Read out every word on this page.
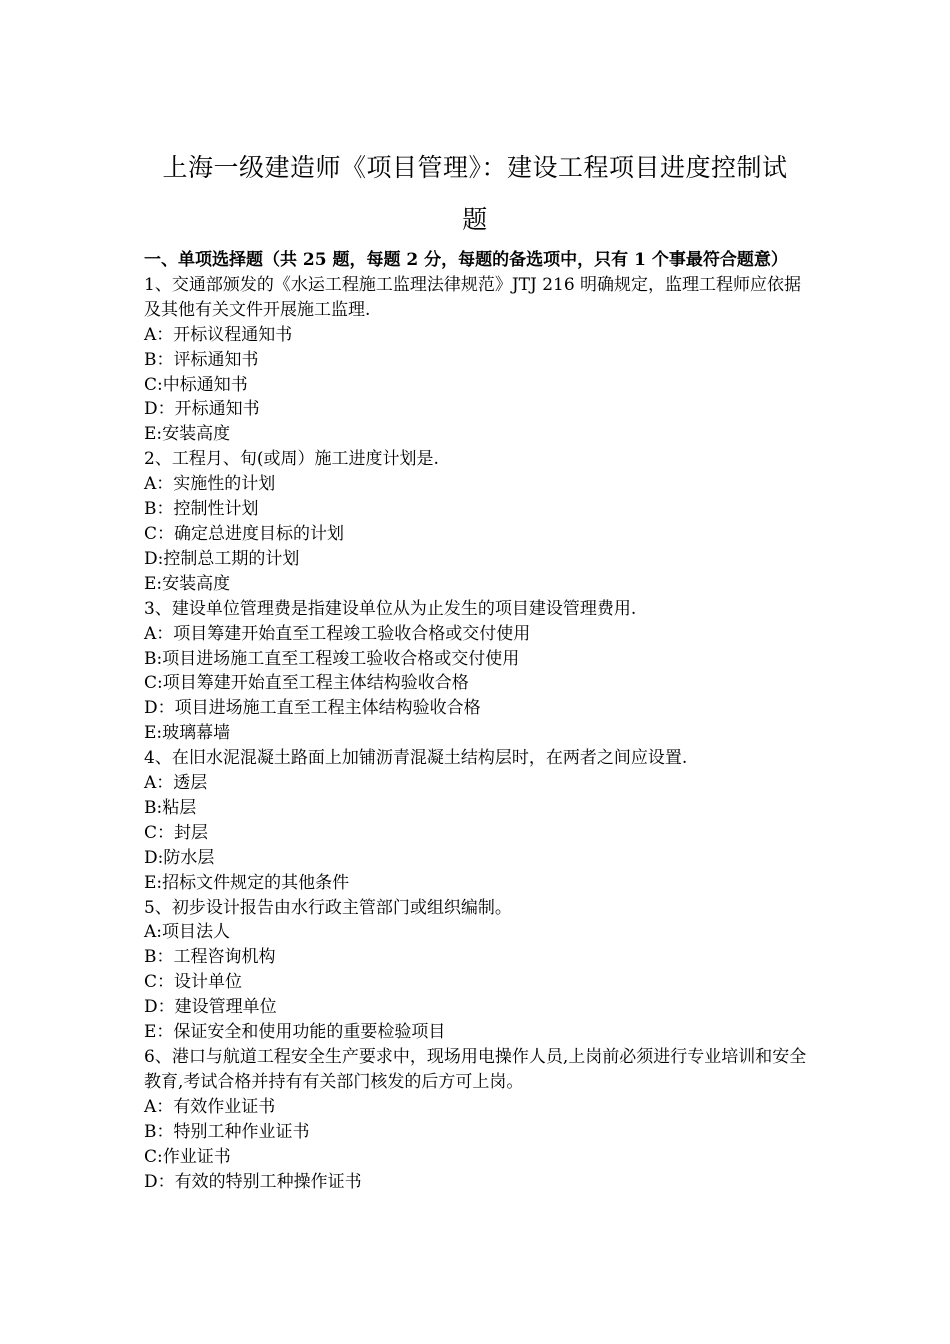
上海一级建造师《项目管理》：建设工程项目进度控制试
题
一、单项选择题（共 25 题，每题 2 分，每题的备选项中，只有 1 个事最符合题意）
1、交通部颁发的《水运工程施工监理法律规范》JTJ 216 明确规定，监理工程师应依据及其他有关文件开展施工监理.
A：开标议程通知书
B：评标通知书
C:中标通知书
D：开标通知书
E:安装高度
2、工程月、旬(或周）施工进度计划是.
A：实施性的计划
B：控制性计划
C：确定总进度目标的计划
D:控制总工期的计划
E:安装高度
3、建设单位管理费是指建设单位从为止发生的项目建设管理费用.
A：项目筹建开始直至工程竣工验收合格或交付使用
B:项目进场施工直至工程竣工验收合格或交付使用
C:项目筹建开始直至工程主体结构验收合格
D：项目进场施工直至工程主体结构验收合格
E:玻璃幕墙
4、在旧水泥混凝土路面上加铺沥青混凝土结构层时，在两者之间应设置.
A：透层
B:粘层
C：封层
D:防水层
E:招标文件规定的其他条件
5、初步设计报告由水行政主管部门或组织编制。
A:项目法人
B：工程咨询机构
C：设计单位
D：建设管理单位
E：保证安全和使用功能的重要检验项目
6、港口与航道工程安全生产要求中，现场用电操作人员,上岗前必须进行专业培训和安全教育,考试合格并持有有关部门核发的后方可上岗。
A：有效作业证书
B：特别工种作业证书
C:作业证书
D：有效的特别工种操作证书
